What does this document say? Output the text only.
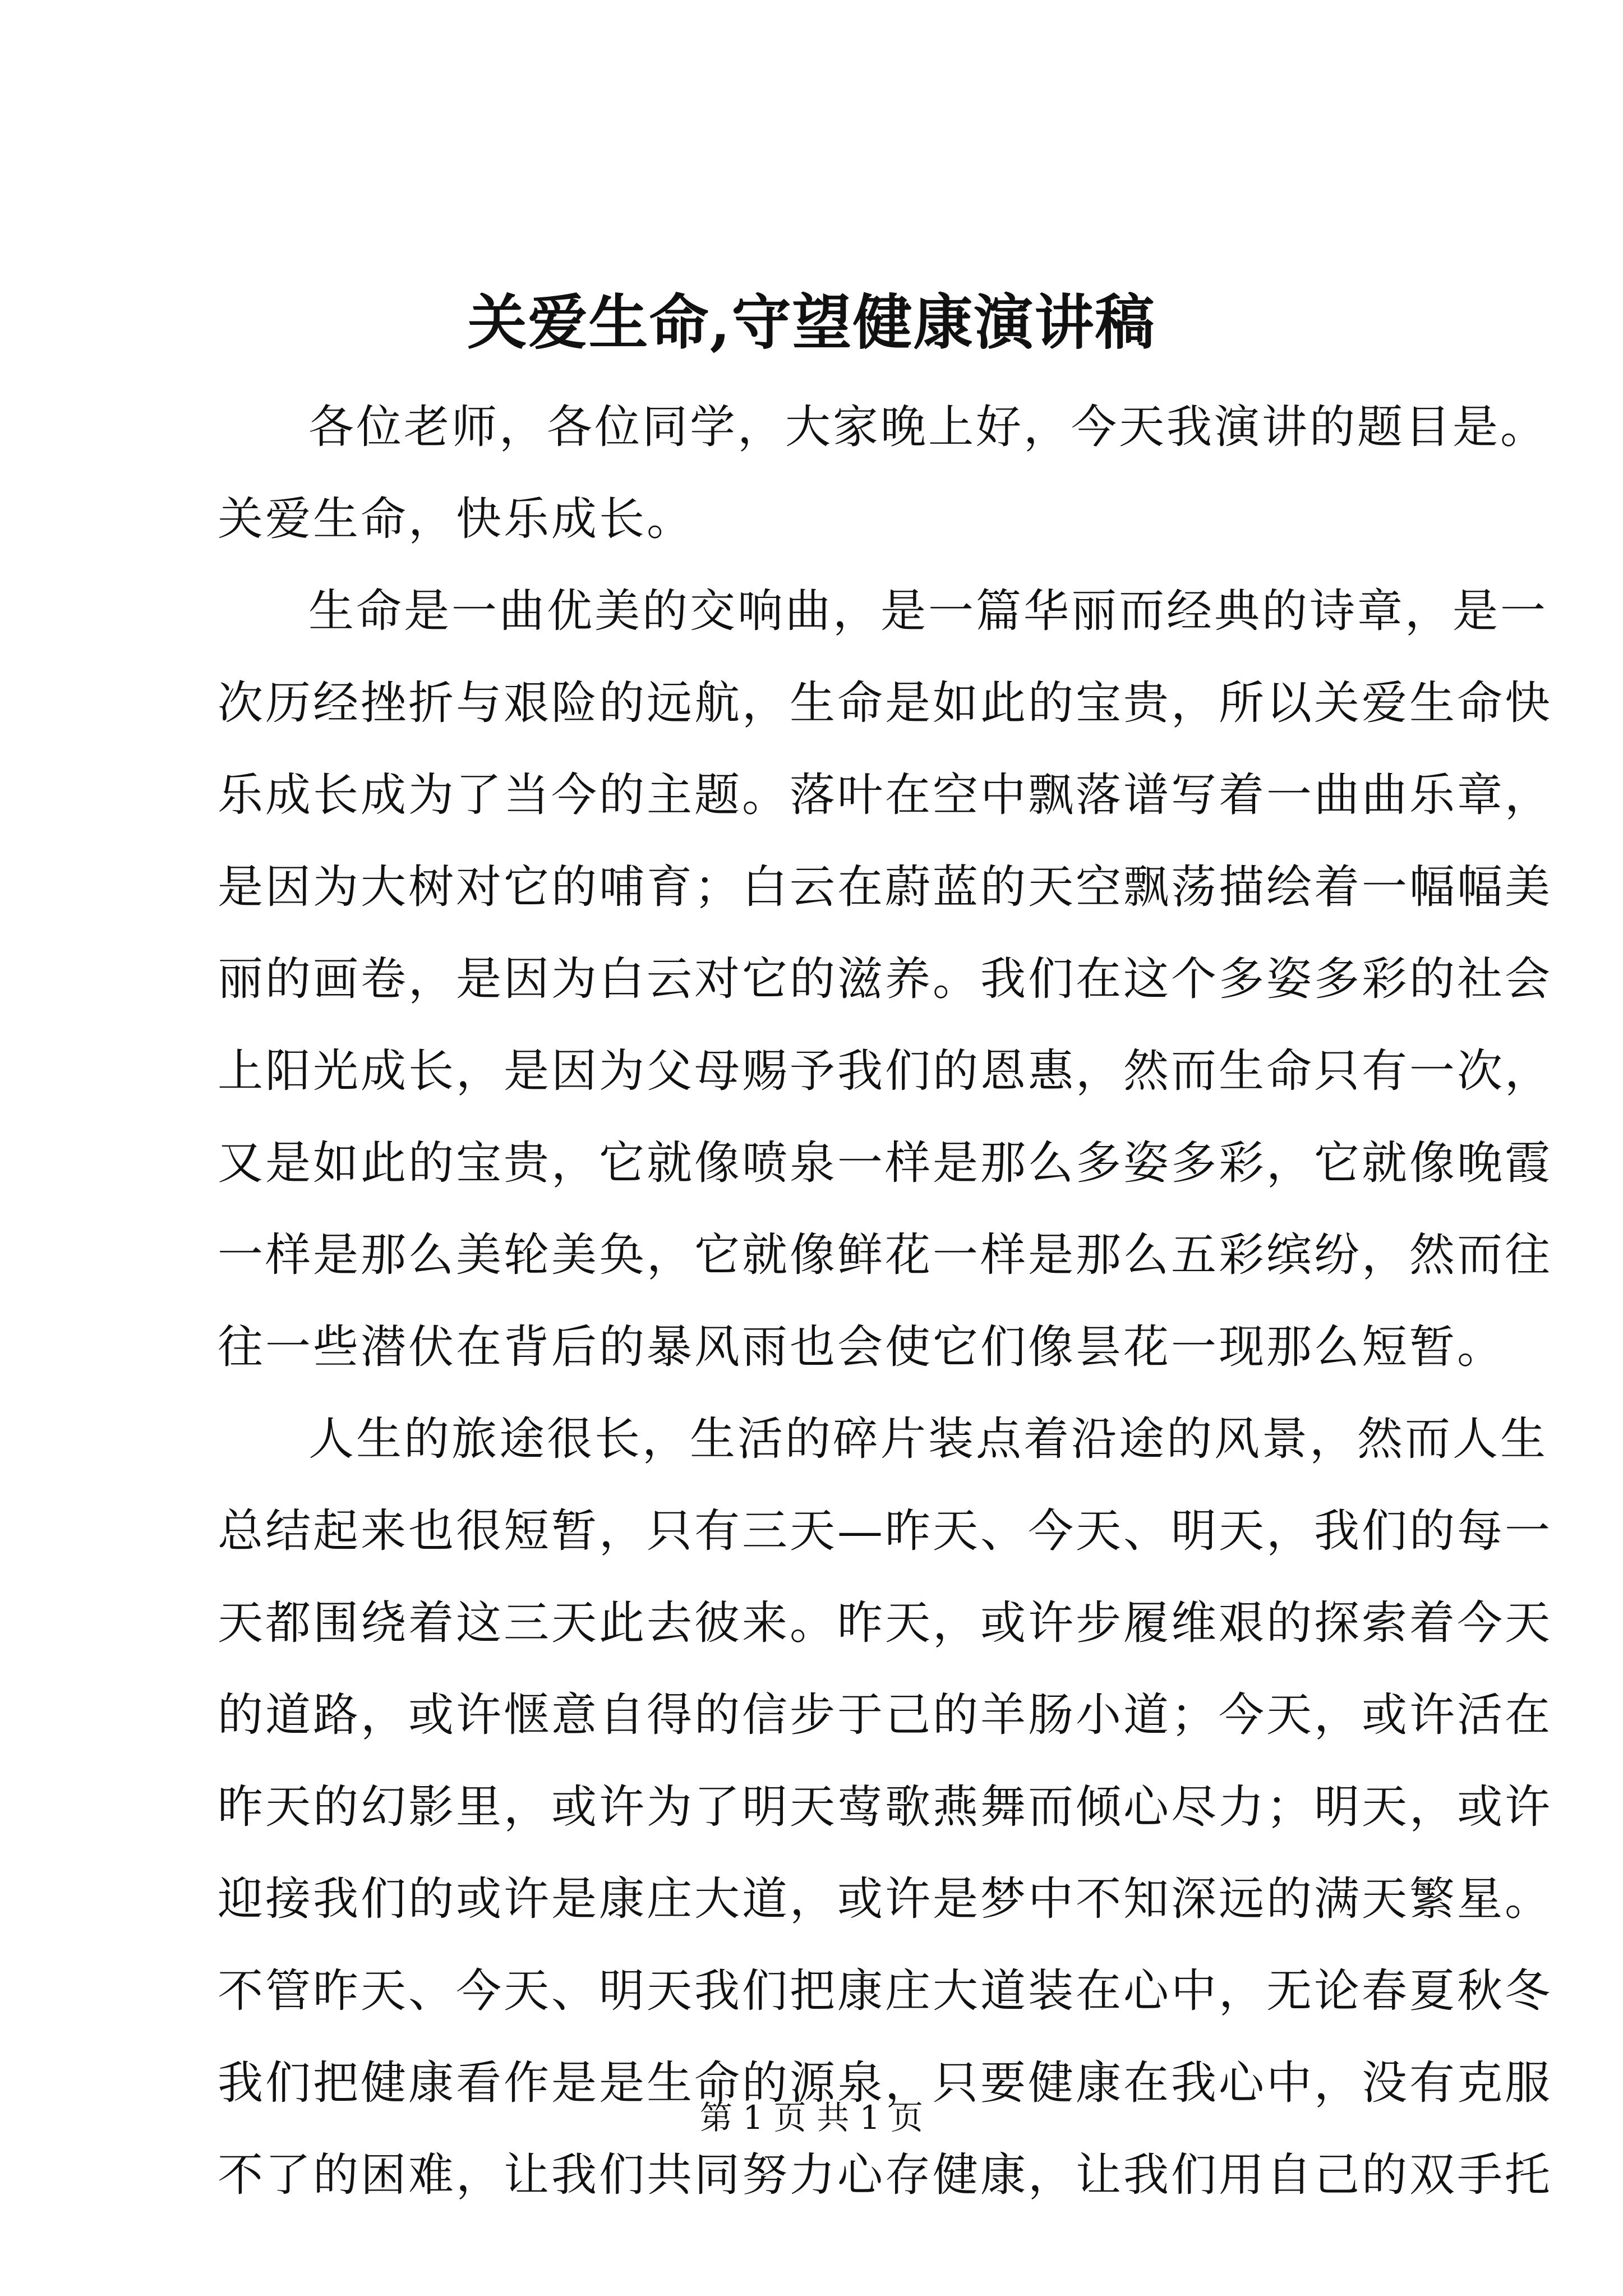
关爱生命,守望健康演讲稿
各位老师，各位同学，大家晚上好，今天我演讲的题目是。
关爱生命，快乐成长。
生命是一曲优美的交响曲，是一篇华丽而经典的诗章，是一
次历经挫折与艰险的远航，生命是如此的宝贵，所以关爱生命快
乐成长成为了当今的主题。落叶在空中飘落谱写着一曲曲乐章，
是因为大树对它的哺育；白云在蔚蓝的天空飘荡描绘着一幅幅美
丽的画卷，是因为白云对它的滋养。我们在这个多姿多彩的社会
上阳光成长，是因为父母赐予我们的恩惠，然而生命只有一次，
又是如此的宝贵，它就像喷泉一样是那么多姿多彩，它就像晚霞
一样是那么美轮美奂，它就像鲜花一样是那么五彩缤纷，然而往
往一些潜伏在背后的暴风雨也会使它们像昙花一现那么短暂。
人生的旅途很长，生活的碎片装点着沿途的风景，然而人生
总结起来也很短暂，只有三天—昨天、今天、明天，我们的每一
天都围绕着这三天此去彼来。昨天，或许步履维艰的探索着今天
的道路，或许惬意自得的信步于己的羊肠小道；今天，或许活在
昨天的幻影里，或许为了明天莺歌燕舞而倾心尽力；明天，或许
迎接我们的或许是康庄大道，或许是梦中不知深远的满天繁星。
不管昨天、今天、明天我们把康庄大道装在心中，无论春夏秋冬
我们把健康看作是是生命的源泉，只要健康在我心中，没有克服
不了的困难，让我们共同努力心存健康，让我们用自己的双手托
第 1 页 共 1 页
